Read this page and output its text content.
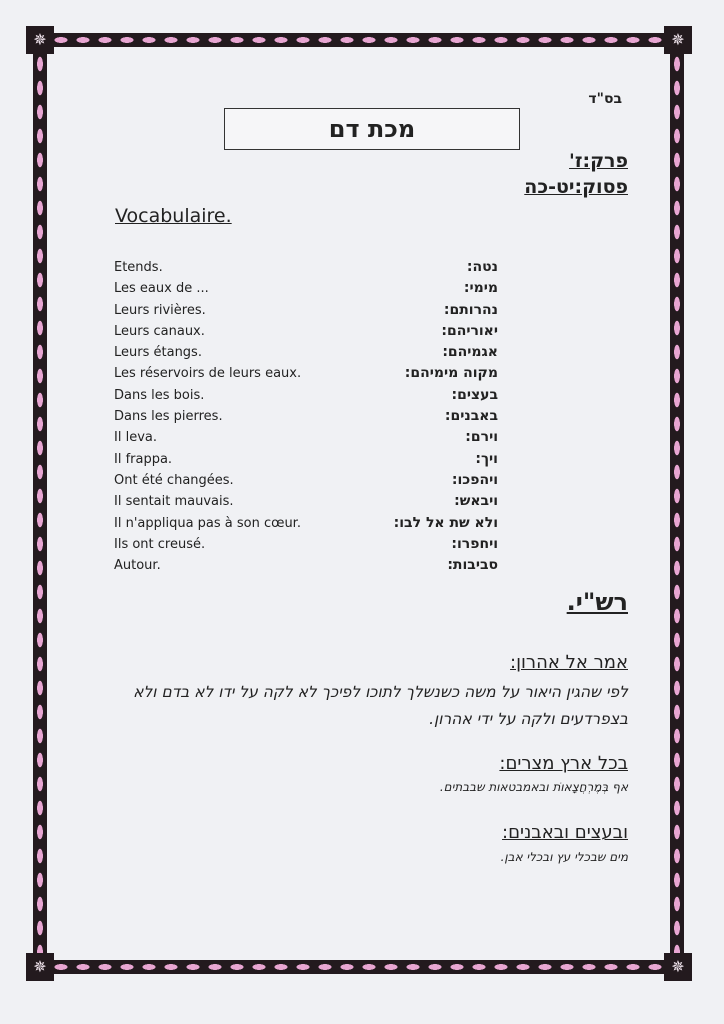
✵	✵
✵	✵
בס"ד
מכת דם
פרק:ז'
פסוק:יט-כה
Vocabulaire.
Etends.	נטה:
Les eaux de ...	מימי:
Leurs rivières.	נהרותם:
Leurs canaux.	יאוריהם:
Leurs étangs.	אגמיהם:
Les réservoirs de leurs eaux.	מקוה מימיהם:
Dans les bois.	בעצים:
Dans les pierres.	באבנים:
Il leva.	וירם:
Il frappa.	ויך:
Ont été changées.	ויהפכו:
Il sentait mauvais.	ויבאש:
Il n'appliqua pas à son cœur.	ולא שת אל לבו:
Ils ont creusé.	ויחפרו:
Autour.	סביבות:
רש"י.
אמר אל אהרון:
לפי שהגין היאור על משה כשנשלך לתוכו לפיכך לא לקה על ידו לא בדם ולא בצפרדעים ולקה על ידי אהרון.
בכל ארץ מצרים:
אף בְּמֶרְחֲצָאוֹת ובאמבטאות שבבתים.
ובעצים ובאבנים:
מים שבכלי עץ ובכלי אבן.
